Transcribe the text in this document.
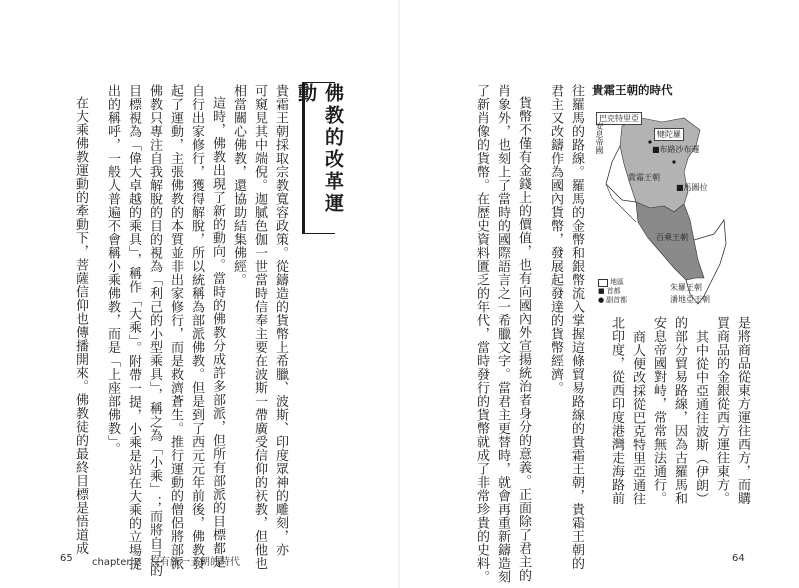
佛教的改革運動
貴霜王朝採取宗教寬容政策。從鑄造的貨幣上希臘、波斯、印度眾神的雕刻，亦
可窺見其中端倪。迦膩色伽一世當時信奉主要在波斯一帶廣受信仰的祆教，但他也
相當關心佛教，還協助結集佛經。
這時，佛教出現了新的動向。當時的佛教分成許多部派，但所有部派的目標都是
自行出家修行，獲得解脫，所以統稱為部派佛教。但是到了西元元年前後，佛教發
起了運動，主張佛教的本質並非出家修行，而是救濟蒼生。推行運動的僧侶將部派
佛教只專注自我解脫的目的視為「利己的小型乘具」，稱之為「小乘」；而將自己的
目標視為「偉大卓越的乘具」，稱作「大乘」。附帶一提，小乘是站在大乘的立場提
出的稱呼，一般人普遍不會稱小乘佛教，而是「上座部佛教」。
在大乘佛教運動的牽動下，菩薩信仰也傳播開來。佛教徒的最終目標是悟道成
65 chapter 2　沒有統一王朝的時代	往羅馬的路線。羅馬的金幣和銀幣流入掌握這條貿易路線的貴霜王朝，貴霜王朝的
君主又改鑄作為國內貨幣，發展起發達的貨幣經濟。
貨幣不僅有金錢上的價值，也有向國內外宣揚統治者身分的意義。正面除了君主的
肖象外，也刻上了當時的國際語言之一希臘文字。當君主更替時，就會再重新鑄造刻
了新肖像的貨幣。在歷史資料匱乏的年代，當時發行的貨幣就成了非常珍貴的史料。	是將商品從東方運往西方，而購
買商品的金銀從西方運往東方。
其中從中亞通往波斯（伊朗）
的部分貿易路線，因為古羅馬和
安息帝國對峙，常常無法通行。
商人便改採從巴克特里亞通往
北印度，從西印度港灣走海路前
64
貴霜王朝的時代
巴克特里亞
犍陀羅
安息帝國	■布路沙布邏
貴霜王朝
■馬圖拉
百乘王朝
朱羅王朝
潘地亞王朝
地區
■ 首都
● 副首都
